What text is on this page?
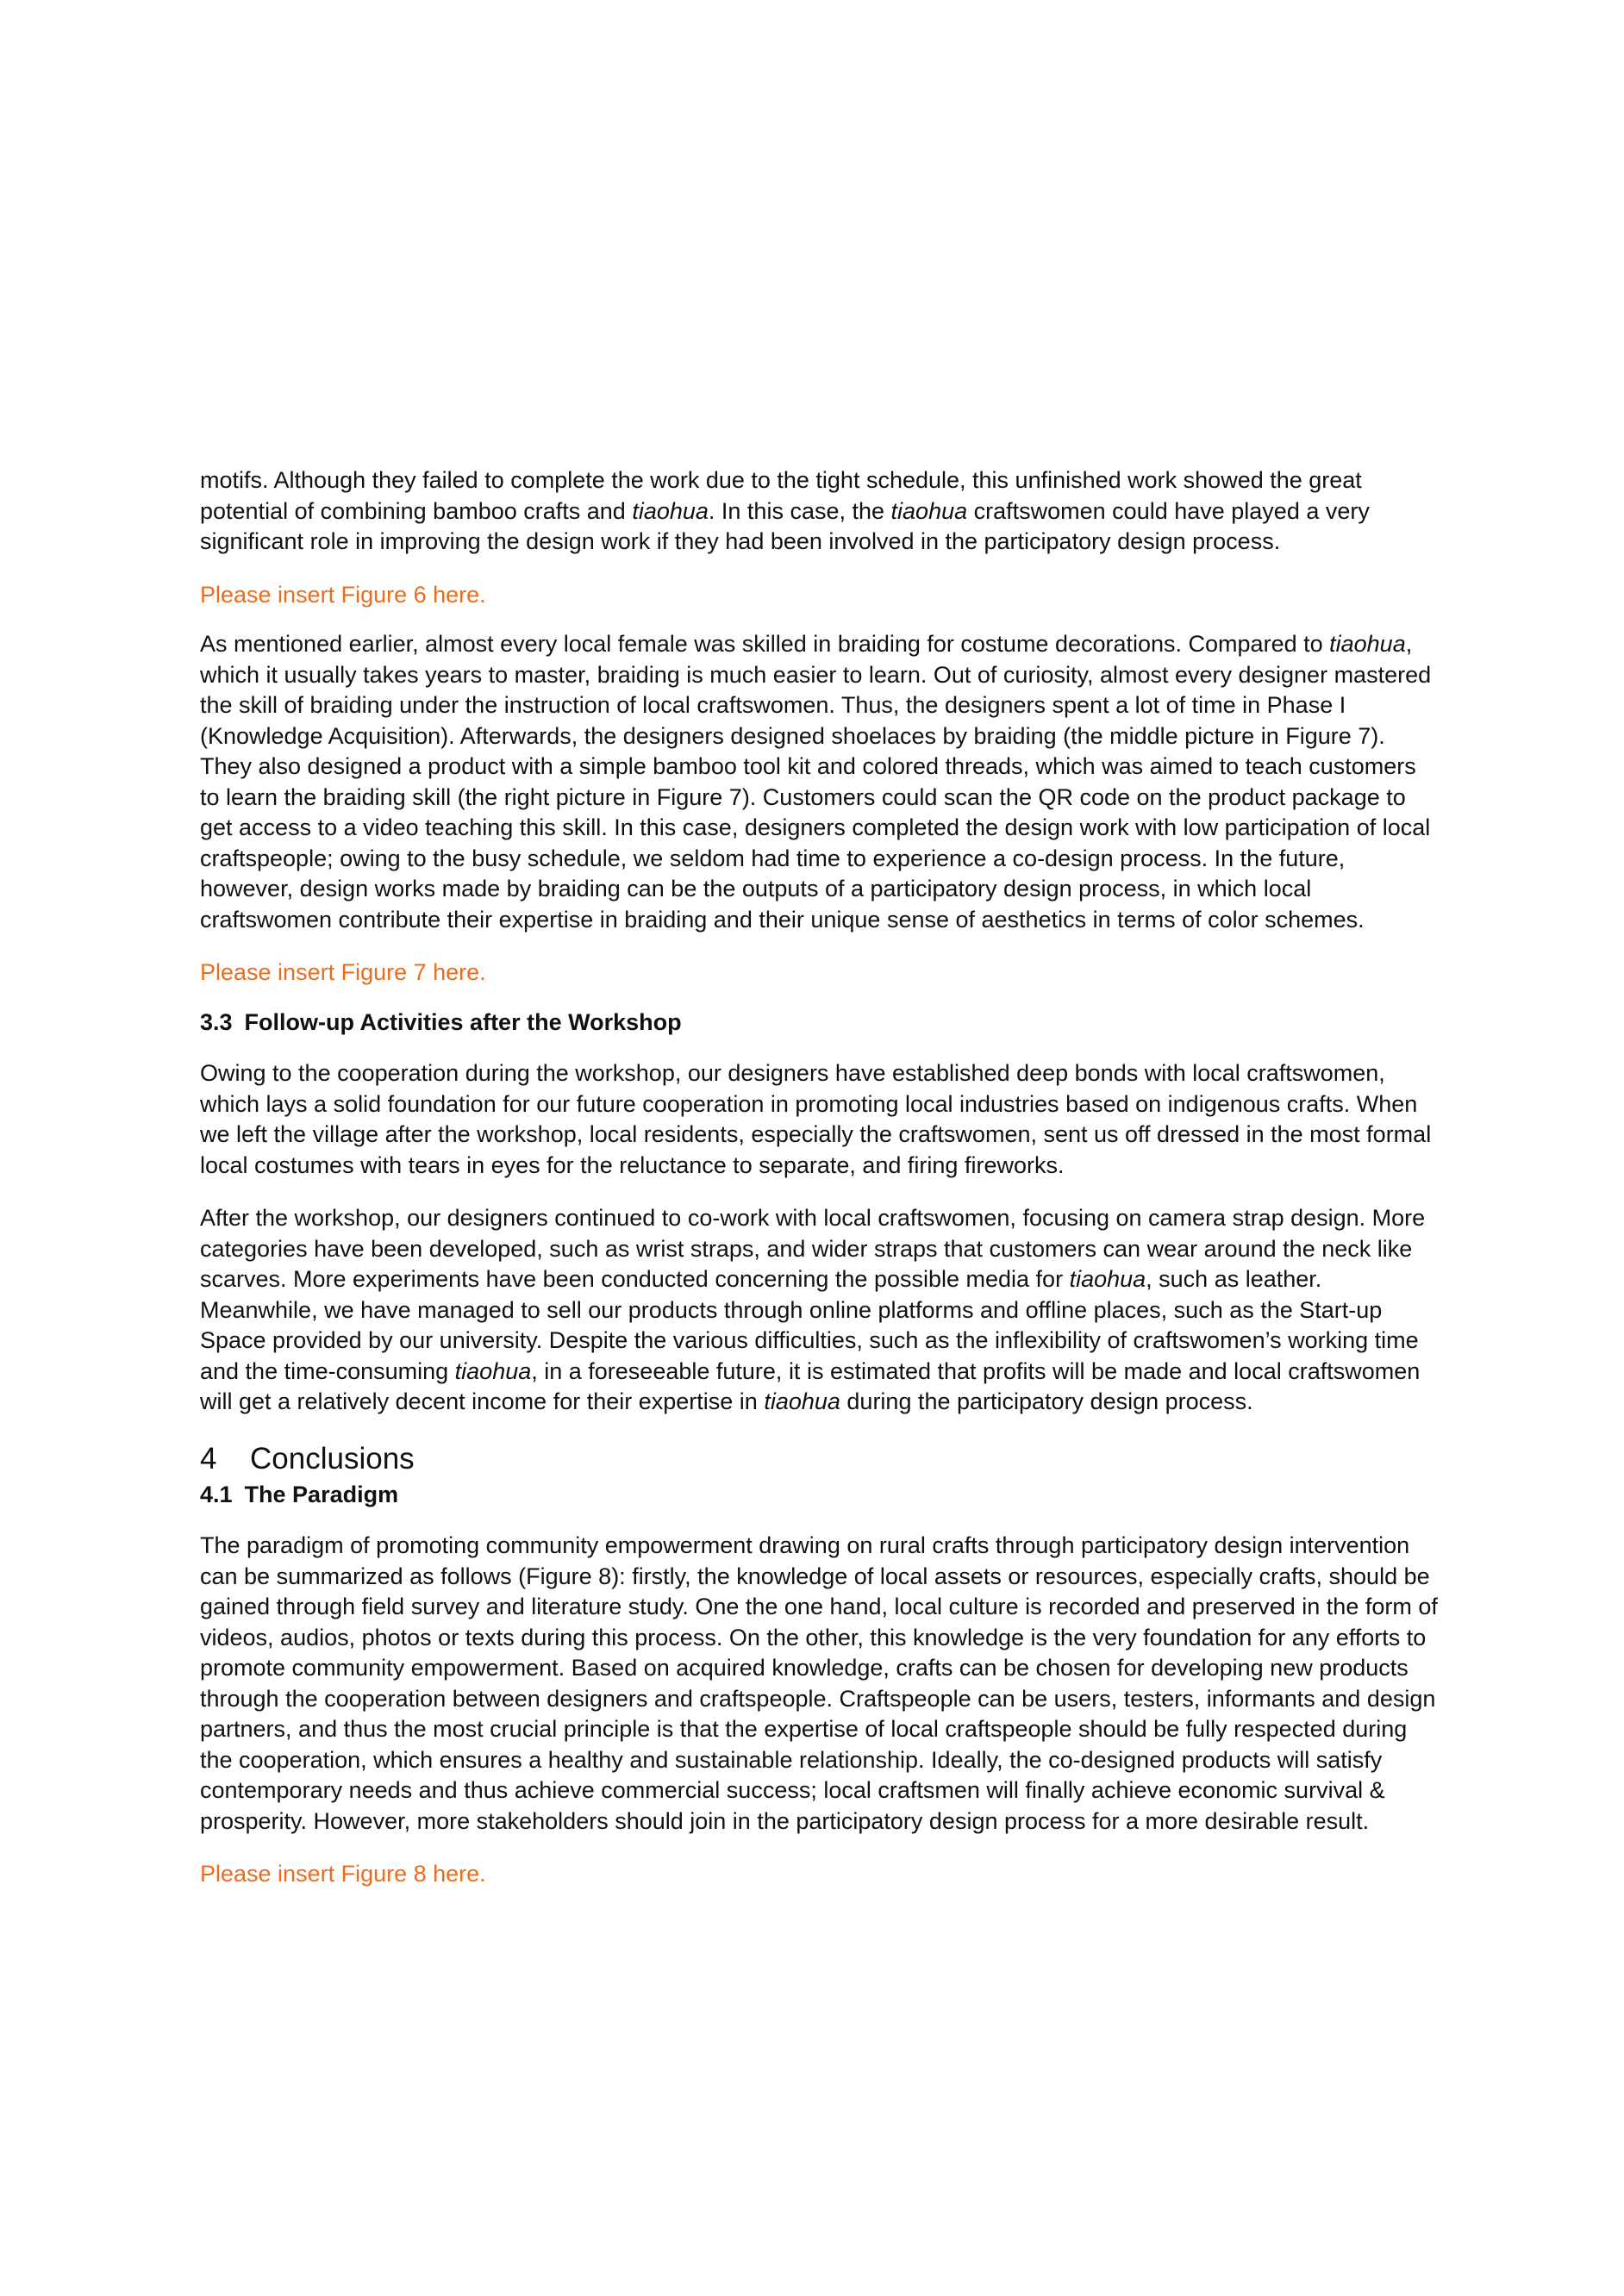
motifs. Although they failed to complete the work due to the tight schedule, this unfinished work showed the great potential of combining bamboo crafts and tiaohua. In this case, the tiaohua craftswomen could have played a very significant role in improving the design work if they had been involved in the participatory design process.

Please insert Figure 6 here.

As mentioned earlier, almost every local female was skilled in braiding for costume decorations. Compared to tiaohua, which it usually takes years to master, braiding is much easier to learn. Out of curiosity, almost every designer mastered the skill of braiding under the instruction of local craftswomen. Thus, the designers spent a lot of time in Phase I (Knowledge Acquisition). Afterwards, the designers designed shoelaces by braiding (the middle picture in Figure 7). They also designed a product with a simple bamboo tool kit and colored threads, which was aimed to teach customers to learn the braiding skill (the right picture in Figure 7). Customers could scan the QR code on the product package to get access to a video teaching this skill. In this case, designers completed the design work with low participation of local craftspeople; owing to the busy schedule, we seldom had time to experience a co-design process. In the future, however, design works made by braiding can be the outputs of a participatory design process, in which local craftswomen contribute their expertise in braiding and their unique sense of aesthetics in terms of color schemes.

Please insert Figure 7 here.

3.3 Follow-up Activities after the Workshop

Owing to the cooperation during the workshop, our designers have established deep bonds with local craftswomen, which lays a solid foundation for our future cooperation in promoting local industries based on indigenous crafts. When we left the village after the workshop, local residents, especially the craftswomen, sent us off dressed in the most formal local costumes with tears in eyes for the reluctance to separate, and firing fireworks.

After the workshop, our designers continued to co-work with local craftswomen, focusing on camera strap design. More categories have been developed, such as wrist straps, and wider straps that customers can wear around the neck like scarves. More experiments have been conducted concerning the possible media for tiaohua, such as leather. Meanwhile, we have managed to sell our products through online platforms and offline places, such as the Start-up Space provided by our university. Despite the various difficulties, such as the inflexibility of craftswomen’s working time and the time-consuming tiaohua, in a foreseeable future, it is estimated that profits will be made and local craftswomen will get a relatively decent income for their expertise in tiaohua during the participatory design process.

4 Conclusions

4.1 The Paradigm

The paradigm of promoting community empowerment drawing on rural crafts through participatory design intervention can be summarized as follows (Figure 8): firstly, the knowledge of local assets or resources, especially crafts, should be gained through field survey and literature study. One the one hand, local culture is recorded and preserved in the form of videos, audios, photos or texts during this process. On the other, this knowledge is the very foundation for any efforts to promote community empowerment. Based on acquired knowledge, crafts can be chosen for developing new products through the cooperation between designers and craftspeople. Craftspeople can be users, testers, informants and design partners, and thus the most crucial principle is that the expertise of local craftspeople should be fully respected during the cooperation, which ensures a healthy and sustainable relationship. Ideally, the co-designed products will satisfy contemporary needs and thus achieve commercial success; local craftsmen will finally achieve economic survival & prosperity. However, more stakeholders should join in the participatory design process for a more desirable result.

Please insert Figure 8 here.
